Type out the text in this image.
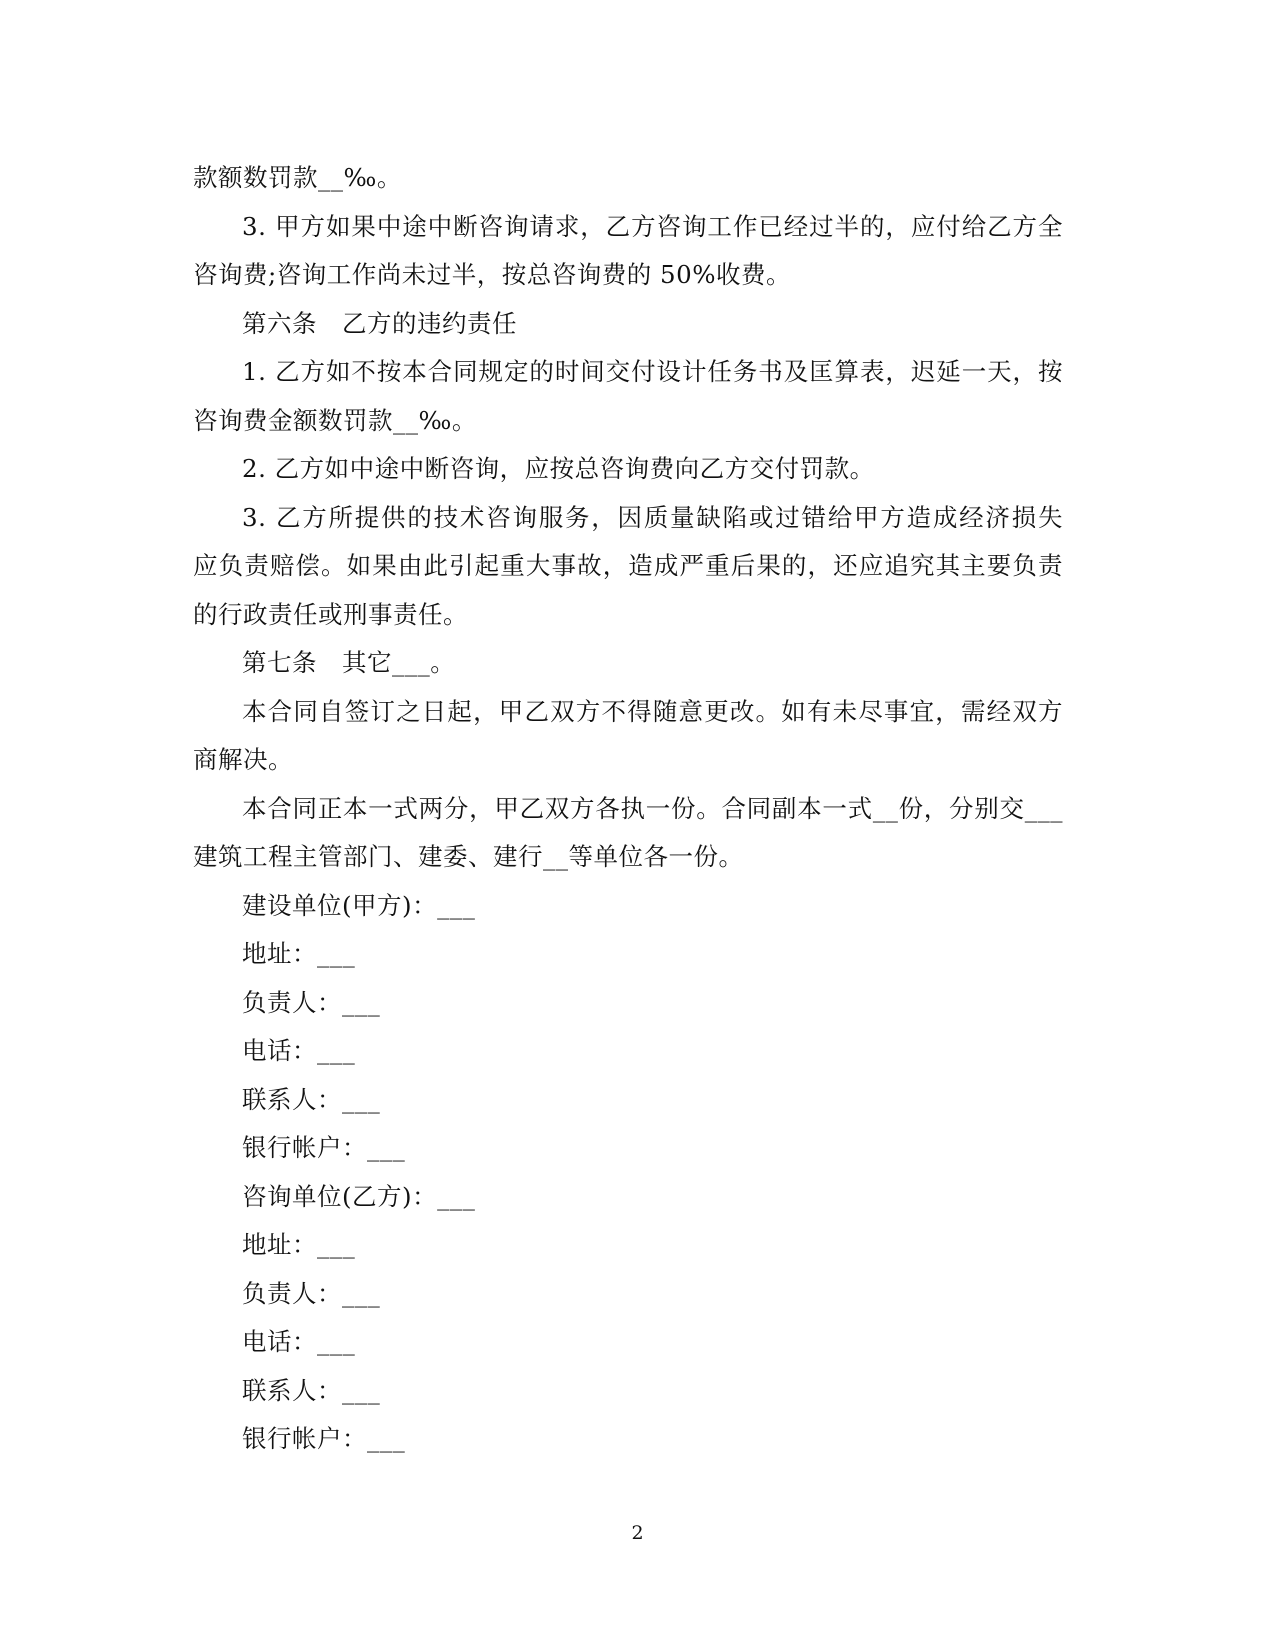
款额数罚款__‰。
3. 甲方如果中途中断咨询请求，乙方咨询工作已经过半的，应付给乙方全
咨询费;咨询工作尚未过半，按总咨询费的 50%收费。
第六条　乙方的违约责任
1. 乙方如不按本合同规定的时间交付设计任务书及匡算表，迟延一天，按
咨询费金额数罚款__‰。
2. 乙方如中途中断咨询，应按总咨询费向乙方交付罚款。
3. 乙方所提供的技术咨询服务，因质量缺陷或过错给甲方造成经济损失
应负责赔偿。如果由此引起重大事故，造成严重后果的，还应追究其主要负责
的行政责任或刑事责任。
第七条　其它___。
本合同自签订之日起，甲乙双方不得随意更改。如有未尽事宜，需经双方
商解决。
本合同正本一式两分，甲乙双方各执一份。合同副本一式__份，分别交___
建筑工程主管部门、建委、建行__等单位各一份。
建设单位(甲方)：___
地址：___
负责人：___
电话：___
联系人：___
银行帐户：___
咨询单位(乙方)：___
地址：___
负责人：___
电话：___
联系人：___
银行帐户：___
2
